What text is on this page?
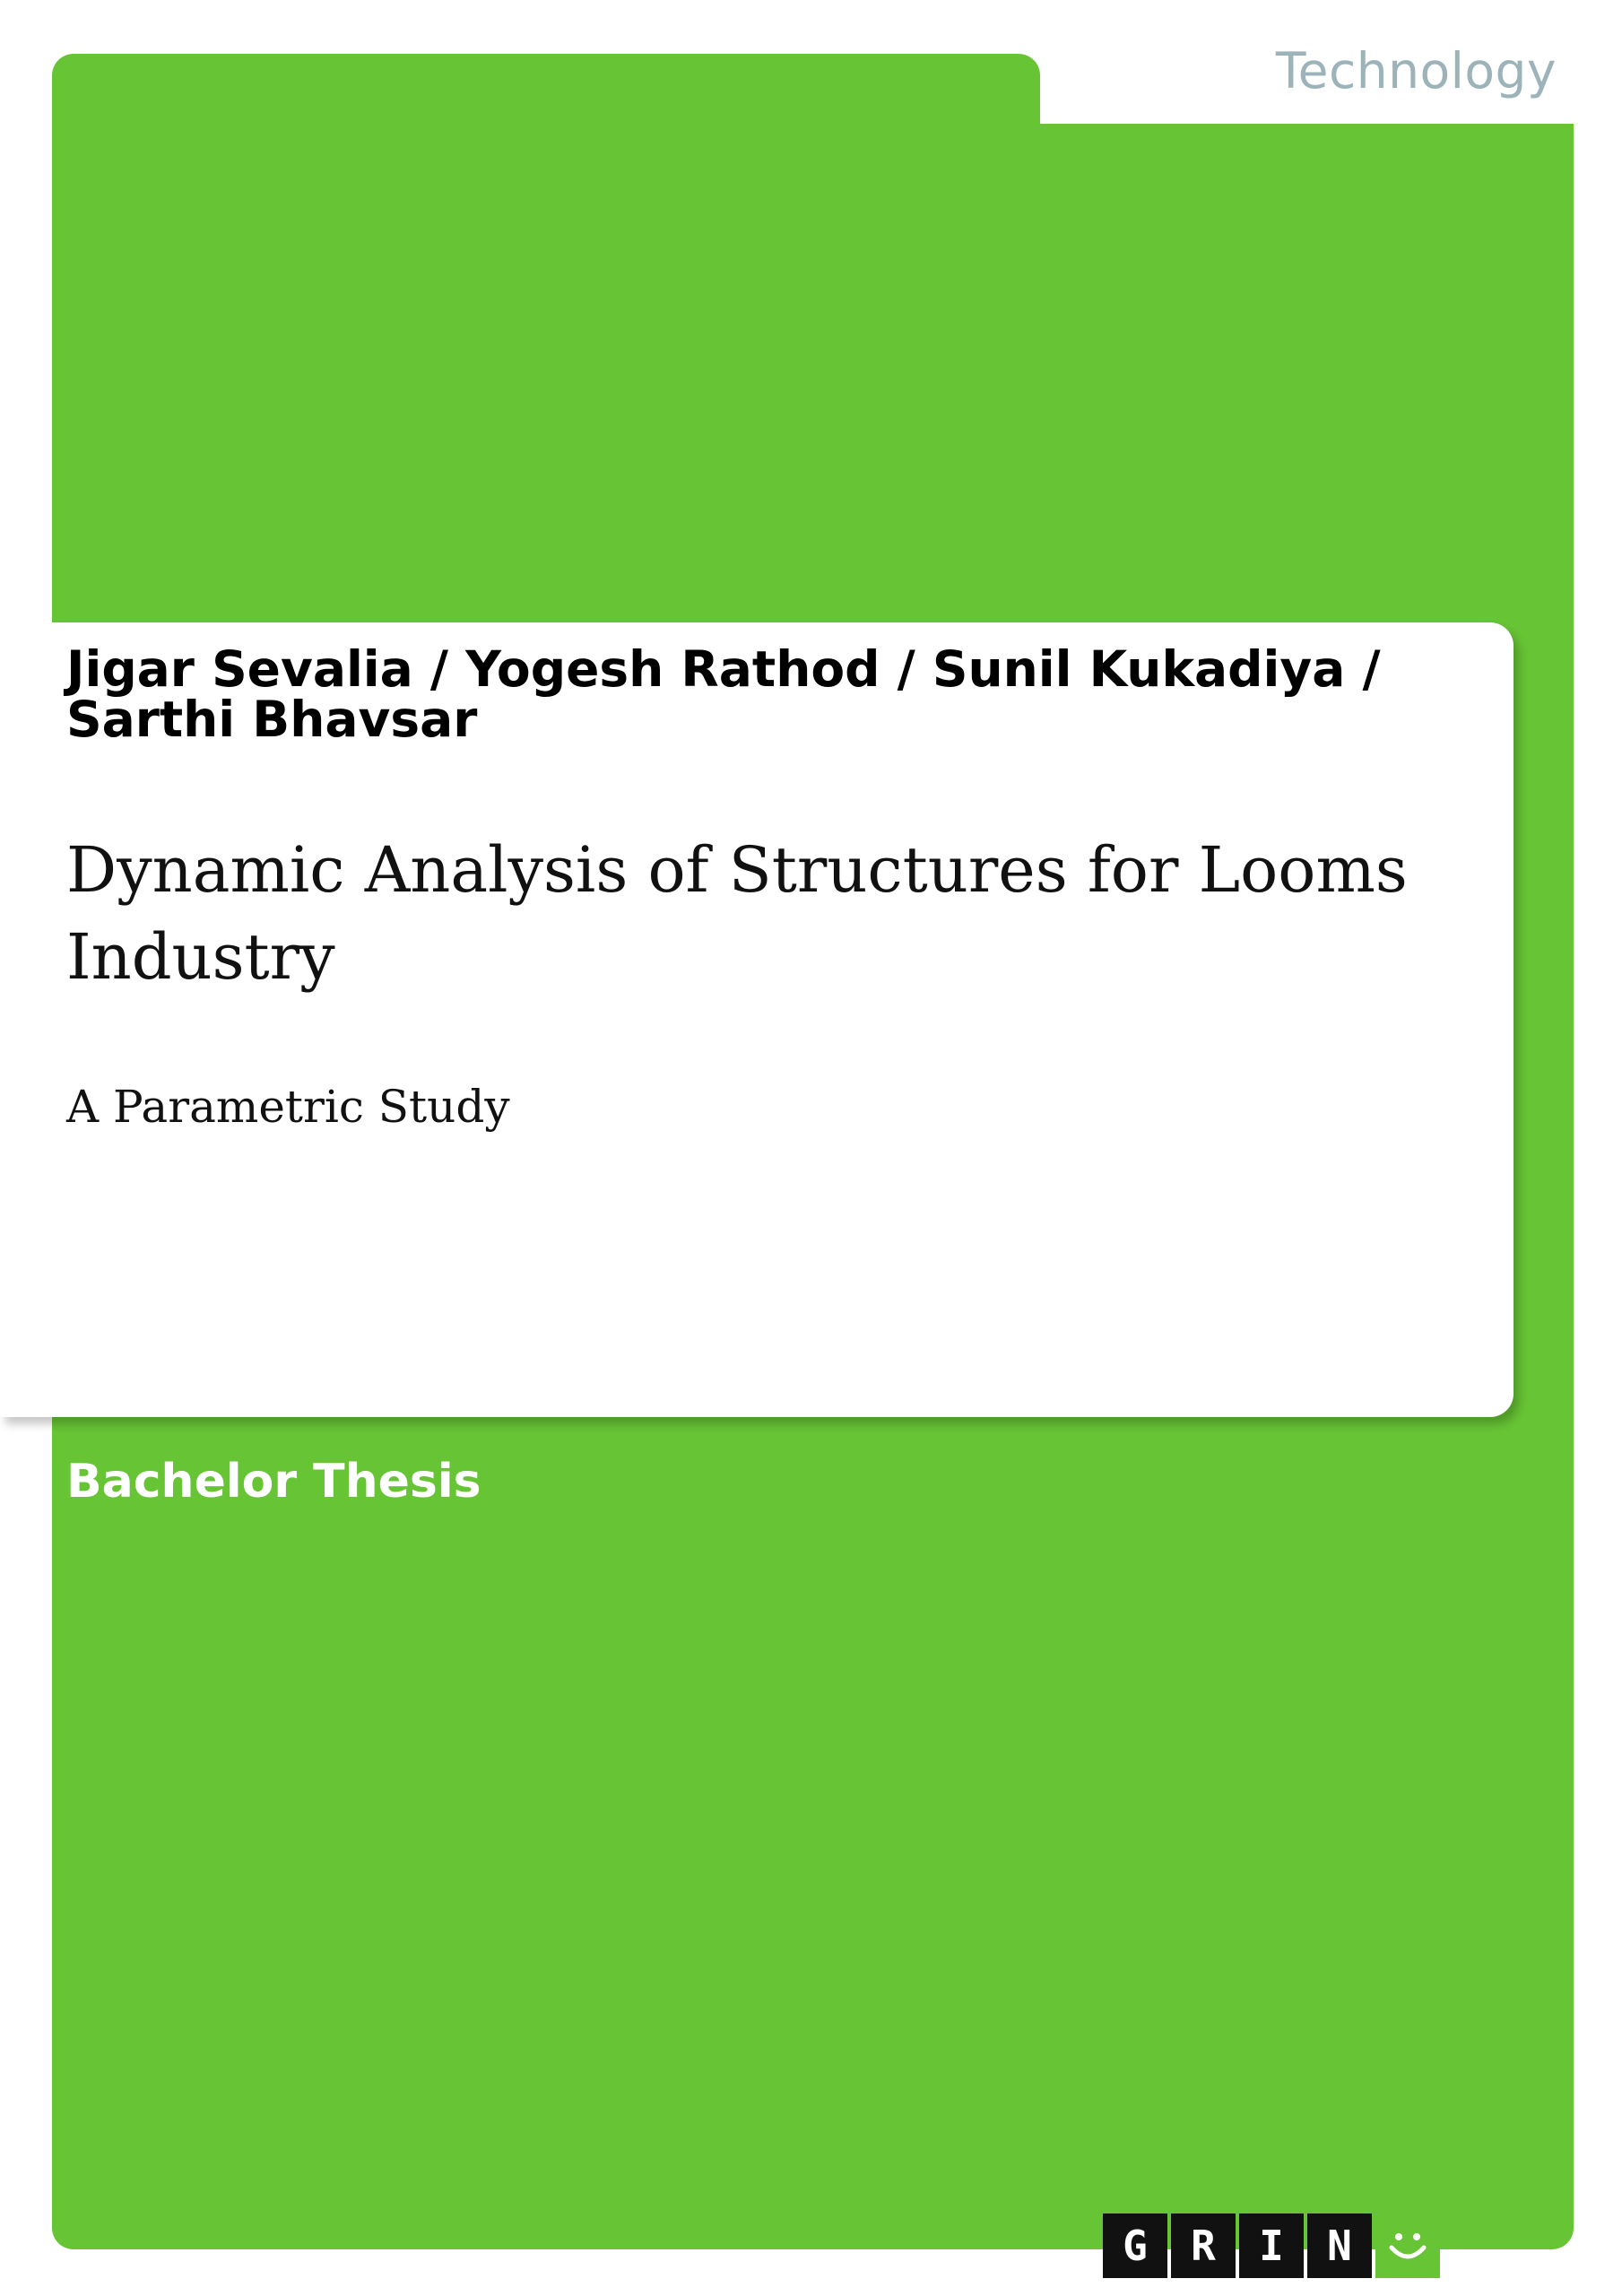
Technology
Jigar Sevalia / Yogesh Rathod / Sunil Kukadiya / Sarthi Bhavsar
Dynamic Analysis of Structures for Looms Industry
A Parametric Study
Bachelor Thesis
G	R	I	N
